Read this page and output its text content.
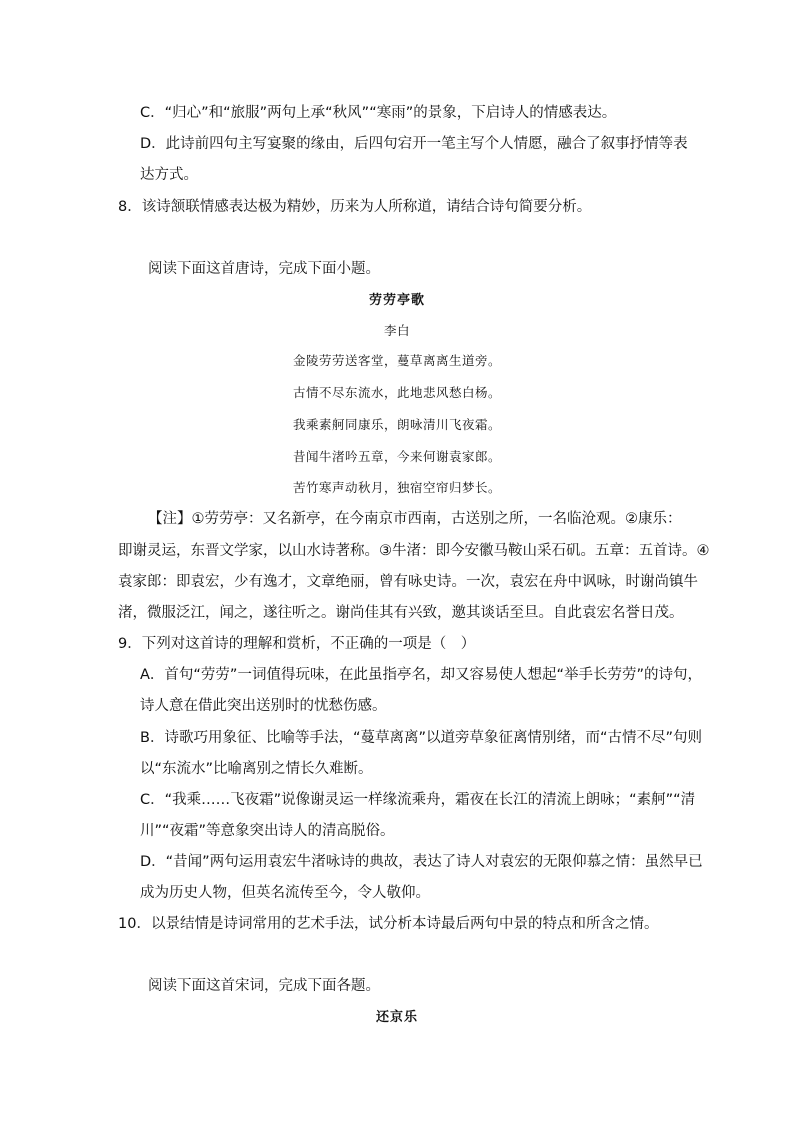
C．“归心”和“旅服”两句上承“秋风”“寒雨”的景象，下启诗人的情感表达。
D．此诗前四句主写宴聚的缘由，后四句宕开一笔主写个人情愿，融合了叙事抒情等表
达方式。
8．该诗颔联情感表达极为精妙，历来为人所称道，请结合诗句简要分析。
阅读下面这首唐诗，完成下面小题。
劳劳亭歌
李白
金陵劳劳送客堂，蔓草离离生道旁。
古情不尽东流水，此地悲风愁白杨。
我乘素舸同康乐，朗咏清川飞夜霜。
昔闻牛渚吟五章，今来何谢袁家郎。
苦竹寒声动秋月，独宿空帘归梦长。
【注】①劳劳亭：又名新亭，在今南京市西南，古送别之所，一名临沧观。②康乐：
即谢灵运，东晋文学家，以山水诗著称。③牛渚：即今安徽马鞍山采石矶。五章：五首诗。④
袁家郎：即袁宏，少有逸才，文章绝丽，曾有咏史诗。一次，袁宏在舟中讽咏，时谢尚镇牛
渚，微服泛江，闻之，遂往听之。谢尚佳其有兴致，邀其谈话至旦。自此袁宏名誉日茂。
9．下列对这首诗的理解和赏析，不正确的一项是（　）
A．首句“劳劳”一词值得玩味，在此虽指亭名，却又容易使人想起“举手长劳劳”的诗句，
诗人意在借此突出送别时的忧愁伤感。
B．诗歌巧用象征、比喻等手法，“蔓草离离”以道旁草象征离情别绪，而“古情不尽”句则
以“东流水”比喻离别之情长久难断。
C．“我乘……飞夜霜”说像谢灵运一样缘流乘舟，霜夜在长江的清流上朗咏；“素舸”“清
川”“夜霜”等意象突出诗人的清高脱俗。
D．“昔闻”两句运用袁宏牛渚咏诗的典故，表达了诗人对袁宏的无限仰慕之情：虽然早已
成为历史人物，但英名流传至今，令人敬仰。
10．以景结情是诗词常用的艺术手法，试分析本诗最后两句中景的特点和所含之情。
阅读下面这首宋词，完成下面各题。
还京乐
